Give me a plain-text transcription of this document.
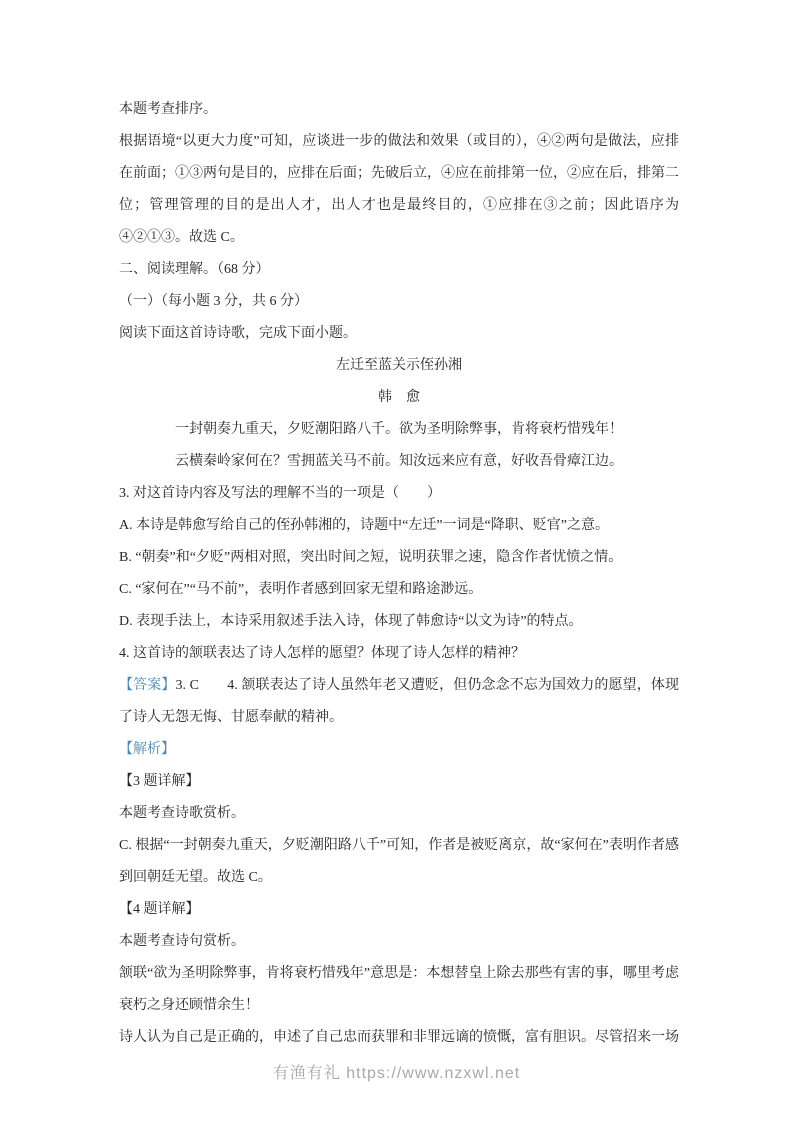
本题考查排序。

根据语境“以更大力度”可知，应谈进一步的做法和效果（或目的），④②两句是做法，应排在前面；①③两句是目的，应排在后面；先破后立，④应在前排第一位，②应在后，排第二位；管理管理的目的是出人才，出人才也是最终目的，①应排在③之前；因此语序为④②①③。故选 C。

二、阅读理解。（68 分）

（一）（每小题 3 分，共 6 分）

阅读下面这首诗诗歌，完成下面小题。

左迁至蓝关示侄孙湘

韩　愈

一封朝奏九重天，夕贬潮阳路八千。欲为圣明除弊事，肯将衰朽惜残年！

云横秦岭家何在？雪拥蓝关马不前。知汝远来应有意，好收吾骨瘴江边。

3. 对这首诗内容及写法的理解不当的一项是（　　）

A. 本诗是韩愈写给自己的侄孙韩湘的，诗题中“左迁”一词是“降职、贬官”之意。

B. “朝奏”和“夕贬”两相对照，突出时间之短，说明获罪之速，隐含作者忧愤之情。

C. “家何在”“马不前”，表明作者感到回家无望和路途渺远。

D. 表现手法上，本诗采用叙述手法入诗，体现了韩愈诗“以文为诗”的特点。

4. 这首诗的颔联表达了诗人怎样的愿望？体现了诗人怎样的精神？

【答案】3. C　　4. 颔联表达了诗人虽然年老又遭贬，但仍念念不忘为国效力的愿望，体现了诗人无怨无悔、甘愿奉献的精神。

【解析】

【3 题详解】

本题考查诗歌赏析。

C. 根据“一封朝奏九重天，夕贬潮阳路八千”可知，作者是被贬离京，故“家何在”表明作者感到回朝廷无望。故选 C。

【4 题详解】

本题考查诗句赏析。

颔联“欲为圣明除弊事，肯将衰朽惜残年”意思是：本想替皇上除去那些有害的事，哪里考虑衰朽之身还顾惜余生！

诗人认为自己是正确的，申述了自己忠而获罪和非罪远谪的愤慨，富有胆识。尽管招来一场

有渔有礼 https://www.nzxwl.net
